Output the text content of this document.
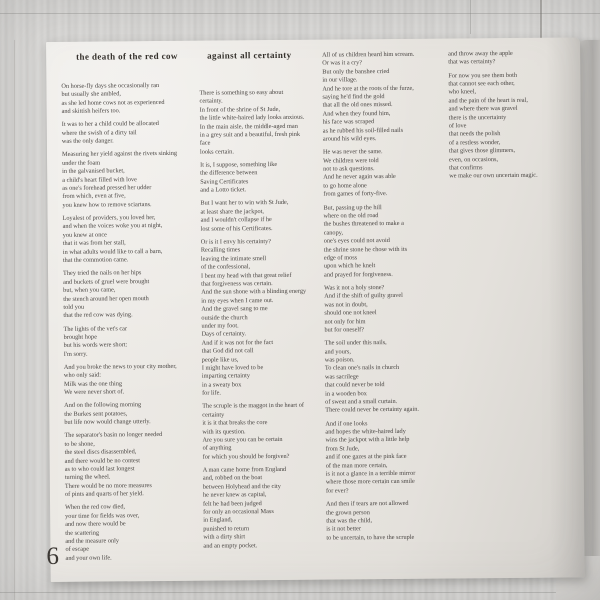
the death of the red cow	against all certainty

On horse-fly days she occasionally ran
but usually she ambled,
as she led home cows not as experienced
and skittish heifers too.

It was to her a child could be allocated
where the swish of a dirty tail
was the only danger.

Measuring her yield against the rivets sinking
under the foam
in the galvanised bucket,
a child's heart filled with love
as one's forehead pressed her udder
from which, even at five,
you knew how to remove sciartans.

Loyalest of providers, you loved her,
and when the voices woke you at night,
you knew at once
that it was from her stall,
in what adults would like to call a barn,
that the commotion came.

They tried the nails on her hips
and buckets of gruel were brought
but, when you came,
the stench around her open mouth
told you
that the red cow was dying.

The lights of the vet's car
brought hope
but his words were short:
I'm sorry.

And you broke the news to your city mother,
who only said:
Milk was the one thing
We were never short of.

And on the following morning
the Burkes sent potatoes,
but life now would change utterly.

The separator's basin no longer needed
to be shone,
the steel discs disassembled,
and there would be no contest
as to who could last longest
turning the wheel.
There would be no more measures
of pints and quarts of her yield.

When the red cow died,
your time for fields was over,
and now there would be
the scattering
and the measure only
of escape
and your own life.

There is something so easy about
certainty.
In front of the shrine of St Jude,
the little white-haired lady looks anxious.
In the main aisle, the middle-aged man
in a grey suit and a beautiful, fresh pink
face
looks certain.

It is, I suppose, something like
the difference between
Saving Certificates
and a Lotto ticket.

But I want her to win with St Jude,
at least share the jackpot,
and I wouldn't collapse if he
lost some of his Certificates.

Or is it I envy his certainty?
Recalling times
leaving the intimate smell
of the confessional,
I bent my head with that great relief
that forgiveness was certain.
And the sun shone with a blinding energy
in my eyes when I came out.
And the gravel sang to me
outside the church
under my foot.
Days of certainty.
And if it was not for the fact
that God did not call
people like us,
I might have loved to be
imparting certainty
in a sweaty box
for life.

The scruple is the maggot in the heart of
certainty
it is it that breaks the core
with its question.
Are you sure you can be certain
of anything
for which you should be forgiven?

A man came home from England
and, robbed on the boat
between Holyhead and the city
he never knew as capital,
felt he had been judged
for only an occasional Mass
in England,
punished to return
with a dirty shirt
and an empty pocket.

All of us children heard him scream.
Or was it a cry?
But only the banshee cried
in our village.
And he tore at the roots of the furze,
saying he'd find the gold
that all the old ones missed.
And when they found him,
his face was scraped
as he rubbed his soil-filled nails
around his wild eyes.

He was never the same.
We children were told
not to ask questions.
And he never again was able
to go home alone
from games of forty-five.

But, passing up the hill
where on the old road
the bushes threatened to make a
canopy,
one's eyes could not avoid
the shrine stone he chose with its
edge of moss
upon which he knelt
and prayed for forgiveness.

Was it not a holy stone?
And if the shift of guilty gravel
was not in doubt,
should one not kneel
not only for him
but for oneself?

The soil under this nails,
and yours,
was poison.
To clean one's nails in church
was sacrilege
that could never be told
in a wooden box
of sweat and a small curtain.
There could never be certainty again.

And if one looks
and hopes the white-haired lady
wins the jackpot with a little help
from St Jude,
and if one gazes at the pink face
of the man more certain,
is it not a glance in a terrible mirror
where those more certain can smile
for ever?

And then if tears are not allowed
the grown person
that was the child,
is it not better
to be uncertain, to have the scruple

and throw away the apple
that was certainty?

For now you see them both
that cannot see each other,
who kneel,
and the pain of the heart is real,
and where there was gravel
there is the uncertainty
of love
that needs the polish
of a restless wonder,
that gives those glimmers,
even, on occasions,
that confirms
we make our own uncertain magic.

6
